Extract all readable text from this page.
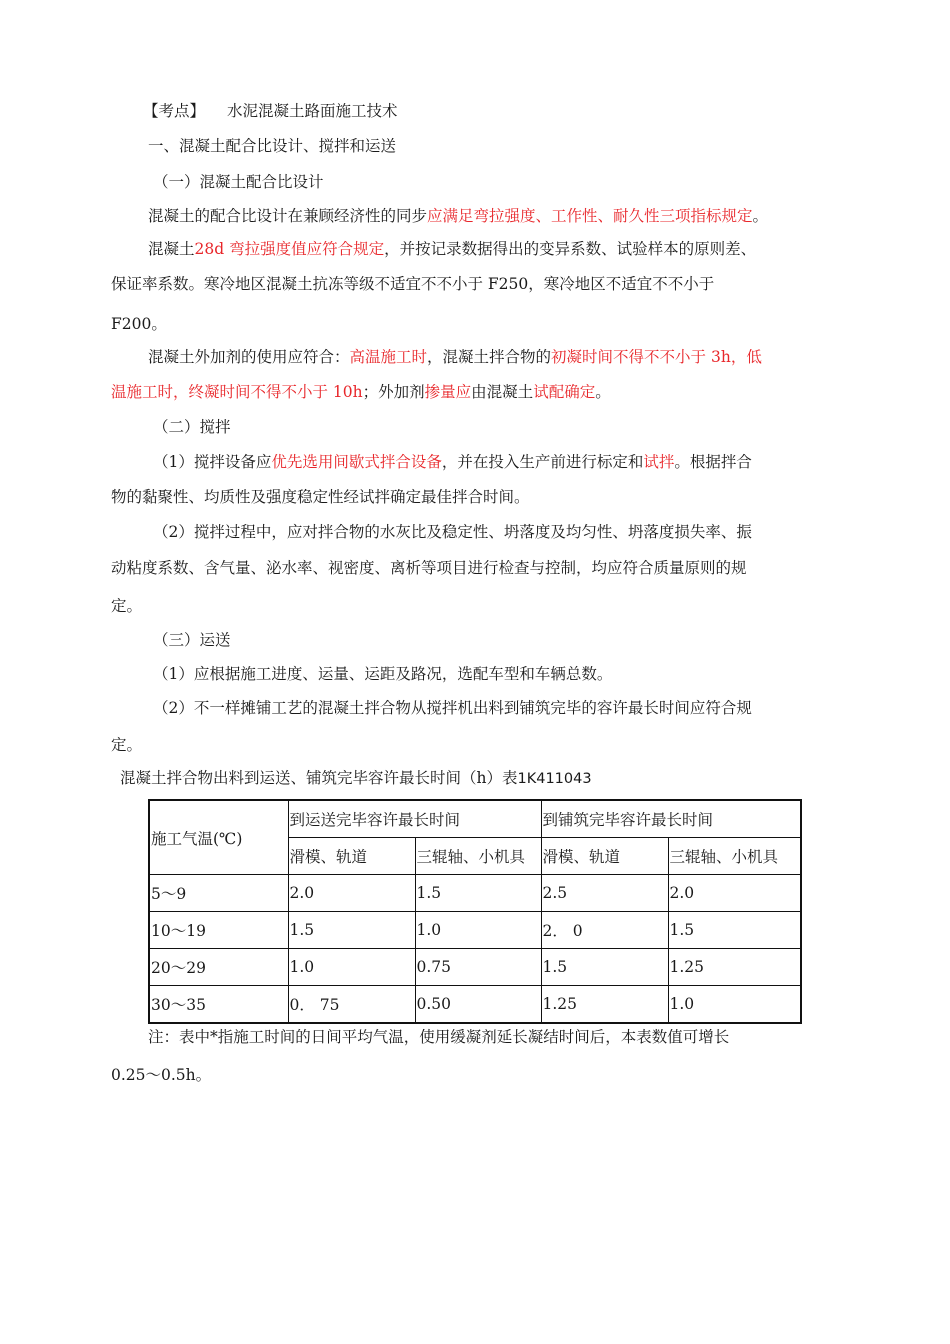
【考点】 水泥混凝土路面施工技术
一、混凝土配合比设计、搅拌和运送
（一）混凝土配合比设计
混凝土的配合比设计在兼顾经济性的同步应满足弯拉强度、工作性、耐久性三项指标规定。
混凝土28d 弯拉强度值应符合规定，并按记录数据得出的变异系数、试验样本的原则差、
保证率系数。寒冷地区混凝土抗冻等级不适宜不不小于 F250，寒冷地区不适宜不不小于
F200。
混凝土外加剂的使用应符合：高温施工时，混凝土拌合物的初凝时间不得不不小于 3h，低
温施工时，终凝时间不得不小于 10h；外加剂掺量应由混凝土试配确定。
（二）搅拌
（1）搅拌设备应优先选用间歇式拌合设备，并在投入生产前进行标定和试拌。根据拌合
物的黏聚性、均质性及强度稳定性经试拌确定最佳拌合时间。
（2）搅拌过程中，应对拌合物的水灰比及稳定性、坍落度及均匀性、坍落度损失率、振
动粘度系数、含气量、泌水率、视密度、离析等项目进行检查与控制，均应符合质量原则的规
定。
（三）运送
（1）应根据施工进度、运量、运距及路况，选配车型和车辆总数。
（2）不一样摊铺工艺的混凝土拌合物从搅拌机出料到铺筑完毕的容许最长时间应符合规
定。
混凝土拌合物出料到运送、铺筑完毕容许最长时间（h）表1K411043
施工气温(℃)	到运送完毕容许最长时间		到铺筑完毕容许最长时间	
	滑模、轨道	三辊轴、小机具	滑模、轨道	三辊轴、小机具
5～9	2.0	1.5	2.5	2.0
10～19	1.5	1.0	2． 0	1.5
20～29	1.0	0.75	1.5	1.25
30～35	0． 75	0.50	1.25	1.0
注：表中*指施工时间的日间平均气温，使用缓凝剂延长凝结时间后，本表数值可增长
0.25～0.5h。
